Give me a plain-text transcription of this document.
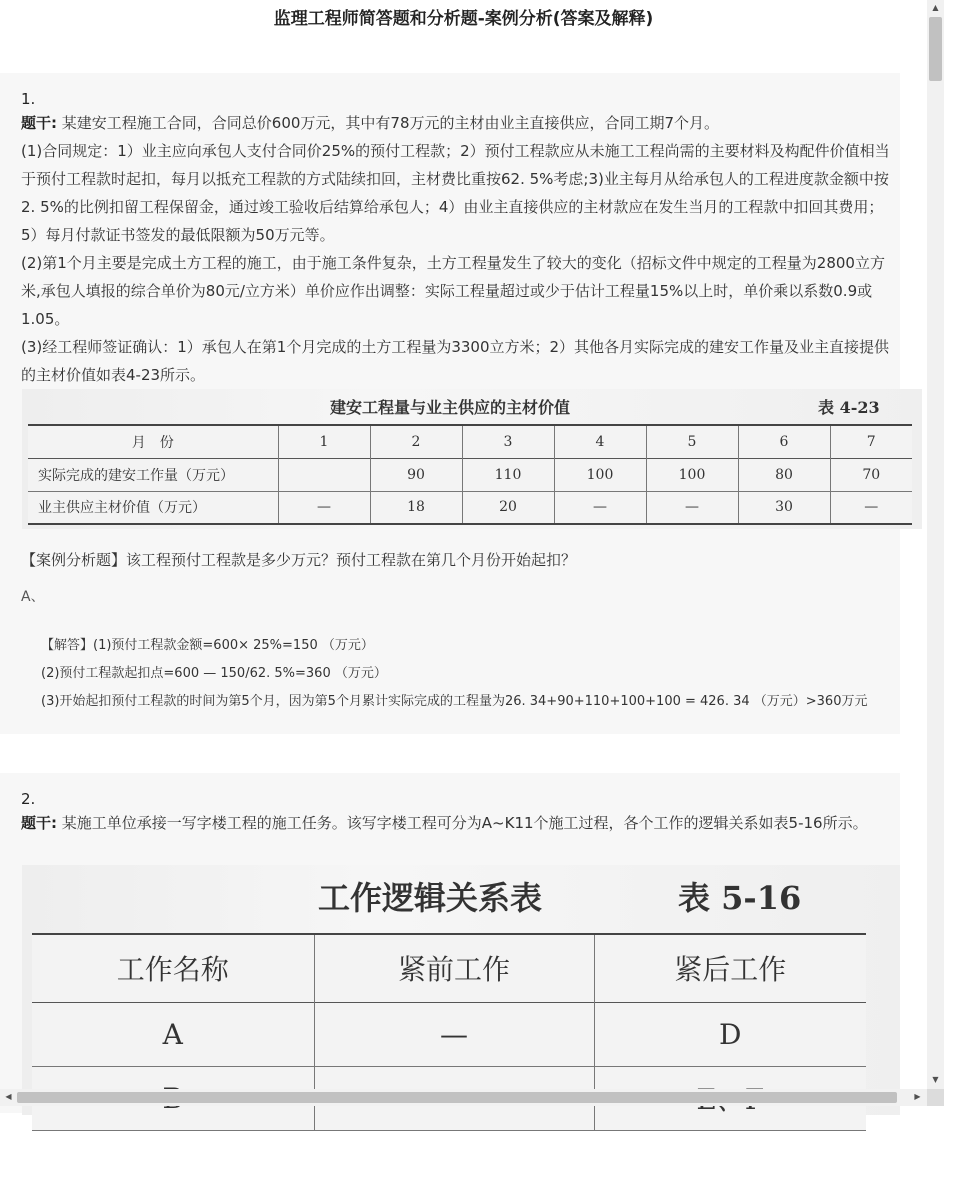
监理工程师简答题和分析题-案例分析(答案及解释)
1.
题干: 某建安工程施工合同，合同总价600万元，其中有78万元的主材由业主直接供应，合同工期7个月。
(1)合同规定：1）业主应向承包人支付合同价25%的预付工程款；2）预付工程款应从未施工工程尚需的主要材料及构配件价值相当于预付工程款时起扣，每月以抵充工程款的方式陆续扣回，主材费比重按62. 5%考虑;3)业主每月从给承包人的工程进度款金额中按2. 5%的比例扣留工程保留金，通过竣工验收后结算给承包人；4）由业主直接供应的主材款应在发生当月的工程款中扣回其费用；5）每月付款证书签发的最低限额为50万元等。
(2)第1个月主要是完成土方工程的施工，由于施工条件复杂，土方工程量发生了较大的变化（招标文件中规定的工程量为2800立方米,承包人填报的综合单价为80元/立方米）单价应作出调整：实际工程量超过或少于估计工程量15%以上时，单价乘以系数0.9或1.05。
(3)经工程师签证确认：1）承包人在第1个月完成的土方工程量为3300立方米；2）其他各月实际完成的建安工作量及业主直接提供的主材价值如表4-23所示。
建安工程量与业主供应的主材价值	表 4-23
月　份	1	2	3	4	5	6	7
实际完成的建安工作量（万元）		90	110	100	100	80	70
业主供应主材价值（万元）	—	18	20	—	—	30	—
【案例分析题】该工程预付工程款是多少万元？预付工程款在第几个月份开始起扣？
A、
【解答】(1)预付工程款金额=600× 25%=150 （万元）
(2)预付工程款起扣点=600 — 150/62. 5%=360 （万元）
(3)开始起扣预付工程款的时间为第5个月，因为第5个月累计实际完成的工程量为26. 34+90+110+100+100 = 426. 34 （万元）>360万元
2.
题干: 某施工单位承接一写字楼工程的施工任务。该写字楼工程可分为A~K11个施工过程，各个工作的逻辑关系如表5-16所示。
工作逻辑关系表	表 5-16
工作名称	紧前工作	紧后工作
A	—	D

▲
▼
◀	▶
